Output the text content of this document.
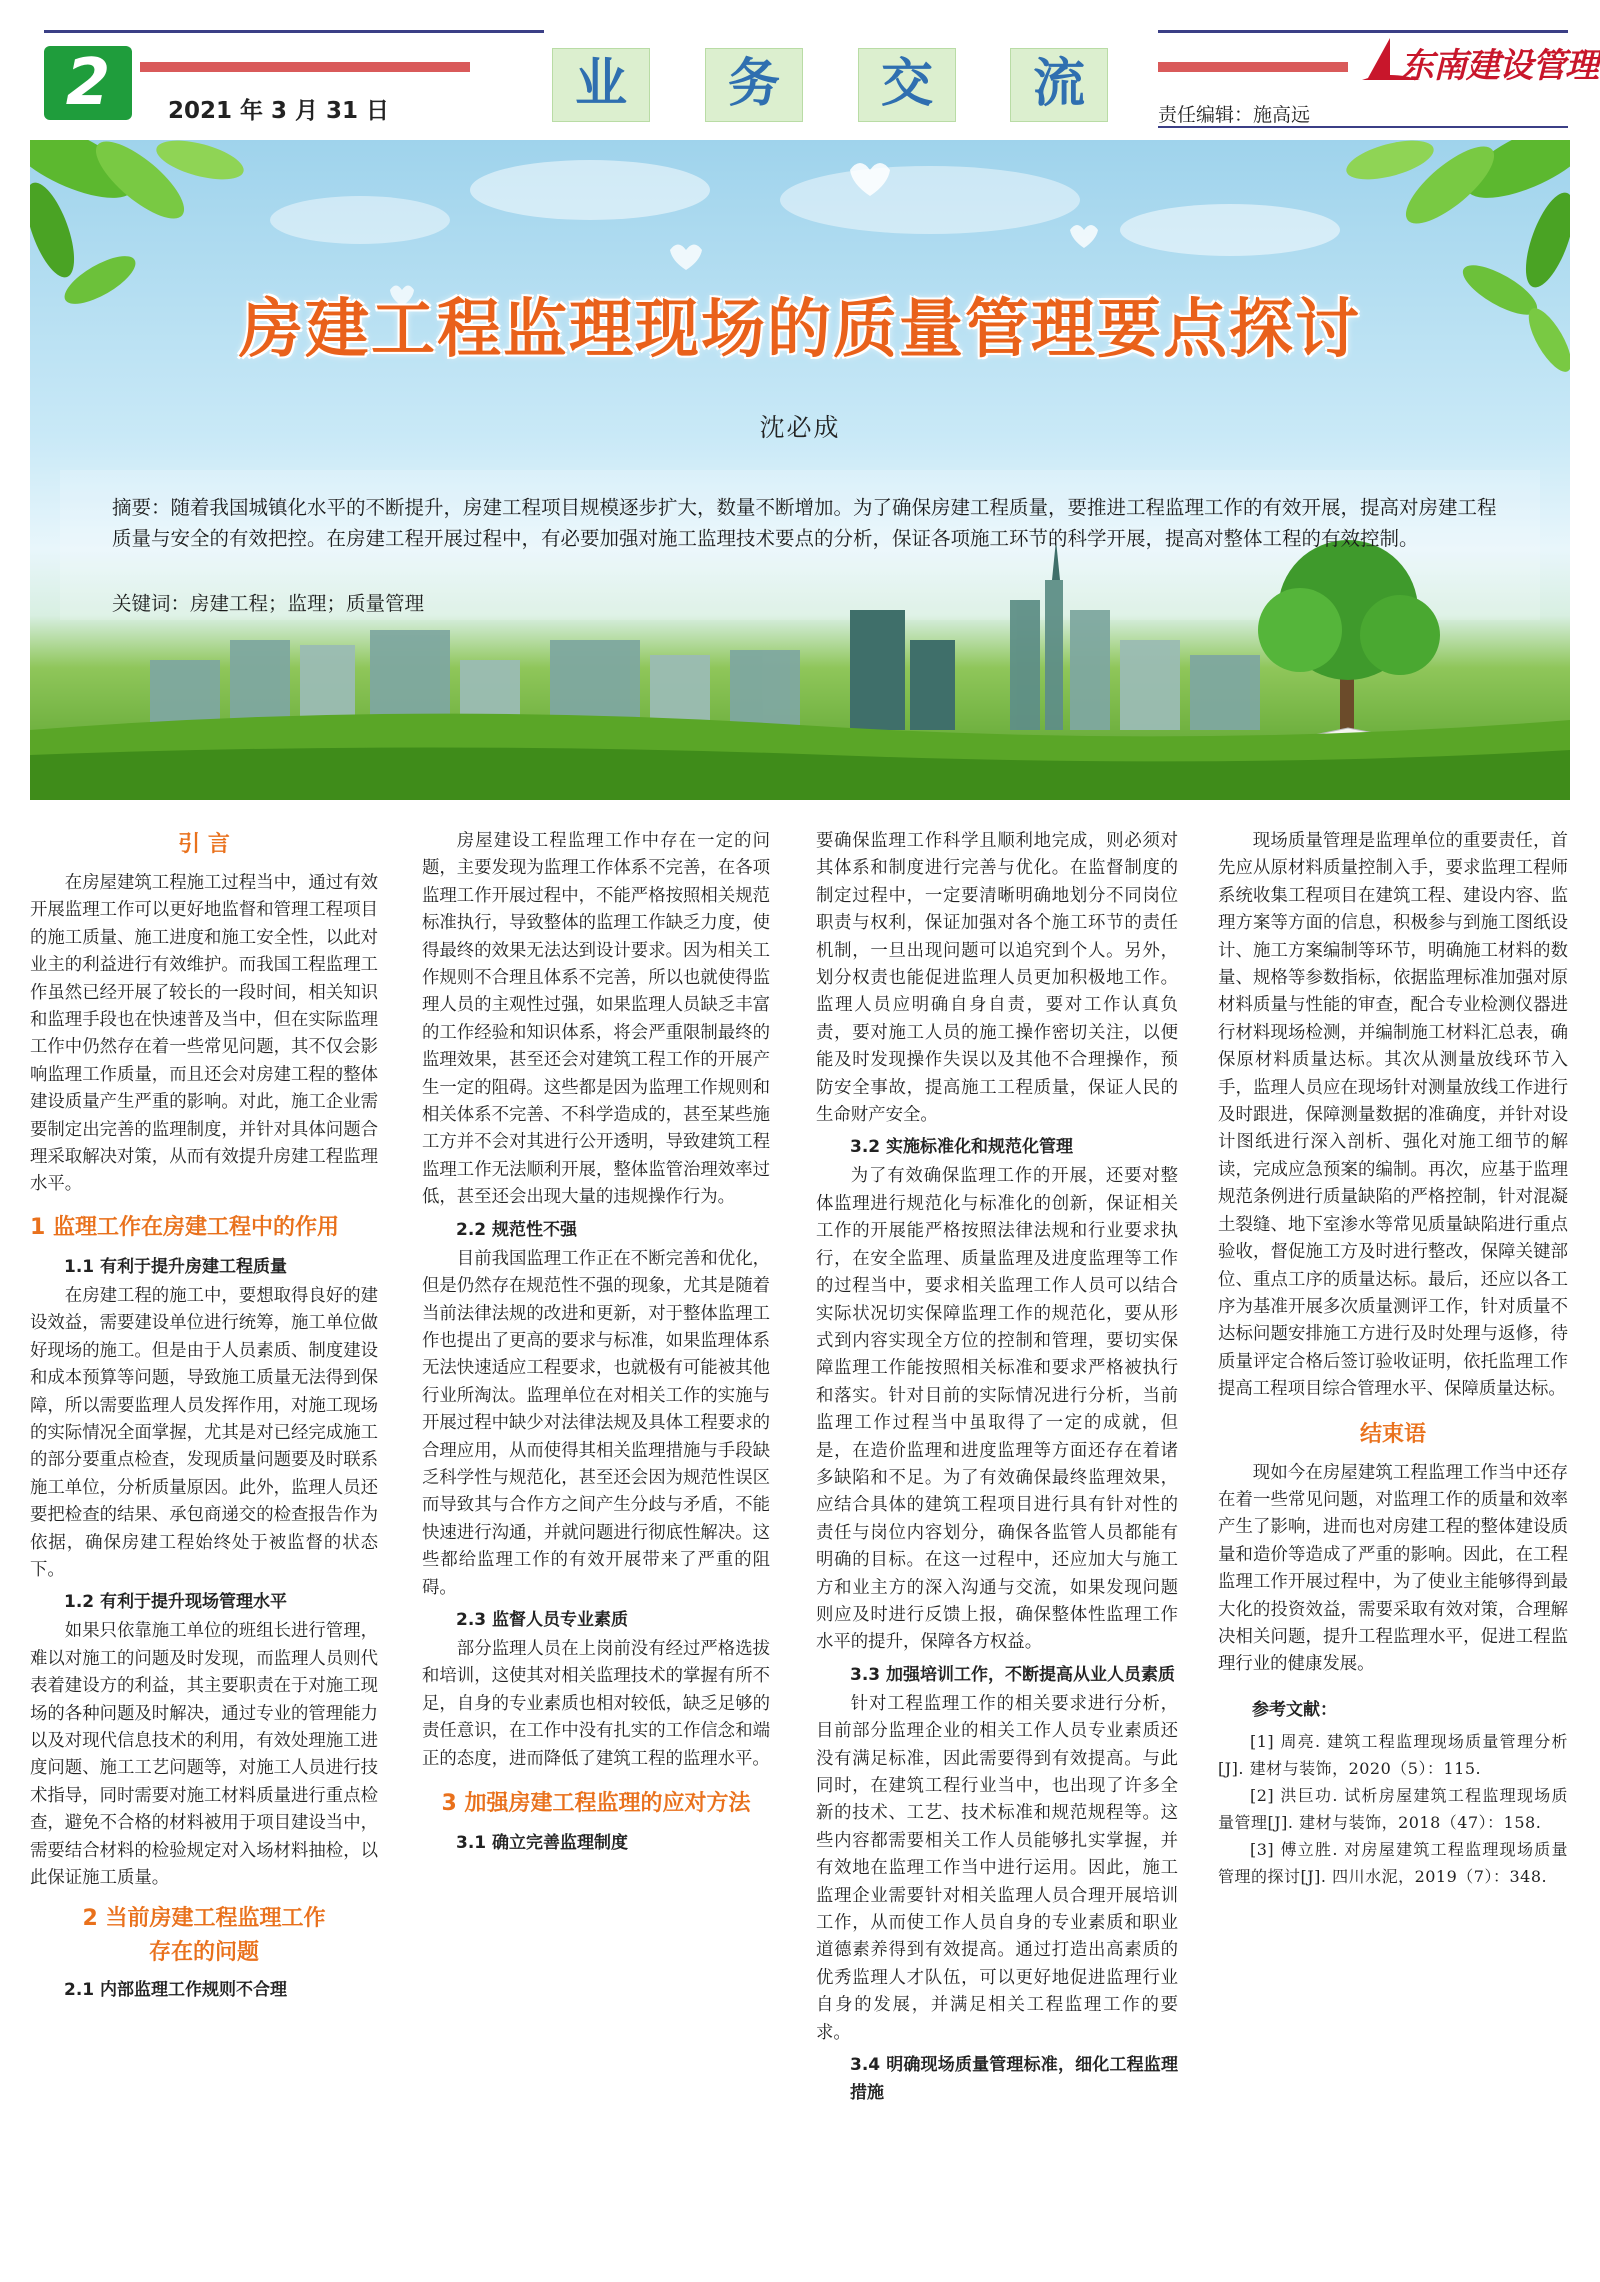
2	2021 年 3 月 31 日	业	务	交	流	东南建设管理
责任编辑：施高远
房建工程监理现场的质量管理要点探讨
沈必成
摘要：随着我国城镇化水平的不断提升，房建工程项目规模逐步扩大，数量不断增加。为了确保房建工程质量，要推进工程监理工作的有效开展，提高对房建工程质量与安全的有效把控。在房建工程开展过程中，有必要加强对施工监理技术要点的分析，保证各项施工环节的科学开展，提高对整体工程的有效控制。
关键词：房建工程；监理；质量管理
引 言

在房屋建筑工程施工过程当中，通过有效开展监理工作可以更好地监督和管理工程项目的施工质量、施工进度和施工安全性，以此对业主的利益进行有效维护。而我国工程监理工作虽然已经开展了较长的一段时间，相关知识和监理手段也在快速普及当中，但在实际监理工作中仍然存在着一些常见问题，其不仅会影响监理工作质量，而且还会对房建工程的整体建设质量产生严重的影响。对此，施工企业需要制定出完善的监理制度，并针对具体问题合理采取解决对策，从而有效提升房建工程监理水平。

1 监理工作在房建工程中的作用
1.1 有利于提升房建工程质量

在房建工程的施工中，要想取得良好的建设效益，需要建设单位进行统筹，施工单位做好现场的施工。但是由于人员素质、制度建设和成本预算等问题，导致施工质量无法得到保障，所以需要监理人员发挥作用，对施工现场的实际情况全面掌握，尤其是对已经完成施工的部分要重点检查，发现质量问题要及时联系施工单位，分析质量原因。此外，监理人员还要把检查的结果、承包商递交的检查报告作为依据，确保房建工程始终处于被监督的状态下。

1.2 有利于提升现场管理水平

如果只依靠施工单位的班组长进行管理，难以对施工的问题及时发现，而监理人员则代表着建设方的利益，其主要职责在于对施工现场的各种问题及时解决，通过专业的管理能力以及对现代信息技术的利用，有效处理施工进度问题、施工工艺问题等，对施工人员进行技术指导，同时需要对施工材料质量进行重点检查，避免不合格的材料被用于项目建设当中，需要结合材料的检验规定对入场材料抽检，以此保证施工质量。

2 当前房建工程监理工作
存在的问题
2.1 内部监理工作规则不合理

房屋建设工程监理工作中存在一定的问题，主要发现为监理工作体系不完善，在各项监理工作开展过程中，不能严格按照相关规范标准执行，导致整体的监理工作缺乏力度，使得最终的效果无法达到设计要求。因为相关工作规则不合理且体系不完善，所以也就使得监理人员的主观性过强，如果监理人员缺乏丰富的工作经验和知识体系，将会严重限制最终的监理效果，甚至还会对建筑工程工作的开展产生一定的阻碍。这些都是因为监理工作规则和相关体系不完善、不科学造成的，甚至某些施工方并不会对其进行公开透明，导致建筑工程监理工作无法顺利开展，整体监管治理效率过低，甚至还会出现大量的违规操作行为。

2.2 规范性不强

目前我国监理工作正在不断完善和优化，但是仍然存在规范性不强的现象，尤其是随着当前法律法规的改进和更新，对于整体监理工作也提出了更高的要求与标准，如果监理体系无法快速适应工程要求，也就极有可能被其他行业所淘汰。监理单位在对相关工作的实施与开展过程中缺少对法律法规及具体工程要求的合理应用，从而使得其相关监理措施与手段缺乏科学性与规范化，甚至还会因为规范性误区而导致其与合作方之间产生分歧与矛盾，不能快速进行沟通，并就问题进行彻底性解决。这些都给监理工作的有效开展带来了严重的阻碍。

2.3 监督人员专业素质

部分监理人员在上岗前没有经过严格选拔和培训，这使其对相关监理技术的掌握有所不足，自身的专业素质也相对较低，缺乏足够的责任意识，在工作中没有扎实的工作信念和端正的态度，进而降低了建筑工程的监理水平。

3 加强房建工程监理的应对方法
3.1 确立完善监理制度

要确保监理工作科学且顺利地完成，则必须对其体系和制度进行完善与优化。在监督制度的制定过程中，一定要清晰明确地划分不同岗位职责与权利，保证加强对各个施工环节的责任机制，一旦出现问题可以追究到个人。另外，划分权责也能促进监理人员更加积极地工作。监理人员应明确自身自责，要对工作认真负责，要对施工人员的施工操作密切关注，以便能及时发现操作失误以及其他不合理操作，预防安全事故，提高施工工程质量，保证人民的生命财产安全。

3.2 实施标准化和规范化管理

为了有效确保监理工作的开展，还要对整体监理进行规范化与标准化的创新，保证相关工作的开展能严格按照法律法规和行业要求执行，在安全监理、质量监理及进度监理等工作的过程当中，要求相关监理工作人员可以结合实际状况切实保障监理工作的规范化，要从形式到内容实现全方位的控制和管理，要切实保障监理工作能按照相关标准和要求严格被执行和落实。针对目前的实际情况进行分析，当前监理工作过程当中虽取得了一定的成就，但是，在造价监理和进度监理等方面还存在着诸多缺陷和不足。为了有效确保最终监理效果，应结合具体的建筑工程项目进行具有针对性的责任与岗位内容划分，确保各监管人员都能有明确的目标。在这一过程中，还应加大与施工方和业主方的深入沟通与交流，如果发现问题则应及时进行反馈上报，确保整体性监理工作水平的提升，保障各方权益。

3.3 加强培训工作，不断提高从业人员素质

针对工程监理工作的相关要求进行分析，目前部分监理企业的相关工作人员专业素质还没有满足标准，因此需要得到有效提高。与此同时，在建筑工程行业当中，也出现了许多全新的技术、工艺、技术标准和规范规程等。这些内容都需要相关工作人员能够扎实掌握，并有效地在监理工作当中进行运用。因此，施工监理企业需要针对相关监理人员合理开展培训工作，从而使工作人员自身的专业素质和职业道德素养得到有效提高。通过打造出高素质的优秀监理人才队伍，可以更好地促进监理行业自身的发展，并满足相关工程监理工作的要求。

3.4 明确现场质量管理标准，细化工程监理措施

现场质量管理是监理单位的重要责任，首先应从原材料质量控制入手，要求监理工程师系统收集工程项目在建筑工程、建设内容、监理方案等方面的信息，积极参与到施工图纸设计、施工方案编制等环节，明确施工材料的数量、规格等参数指标，依据监理标准加强对原材料质量与性能的审查，配合专业检测仪器进行材料现场检测，并编制施工材料汇总表，确保原材料质量达标。其次从测量放线环节入手，监理人员应在现场针对测量放线工作进行及时跟进，保障测量数据的准确度，并针对设计图纸进行深入剖析、强化对施工细节的解读，完成应急预案的编制。再次，应基于监理规范条例进行质量缺陷的严格控制，针对混凝土裂缝、地下室渗水等常见质量缺陷进行重点验收，督促施工方及时进行整改，保障关键部位、重点工序的质量达标。最后，还应以各工序为基准开展多次质量测评工作，针对质量不达标问题安排施工方进行及时处理与返修，待质量评定合格后签订验收证明，依托监理工作提高工程项目综合管理水平、保障质量达标。

结束语

现如今在房屋建筑工程监理工作当中还存在着一些常见问题，对监理工作的质量和效率产生了影响，进而也对房建工程的整体建设质量和造价等造成了严重的影响。因此，在工程监理工作开展过程中，为了使业主能够得到最大化的投资效益，需要采取有效对策，合理解决相关问题，提升工程监理水平，促进工程监理行业的健康发展。

参考文献：

[1] 周亮. 建筑工程监理现场质量管理分析[J]. 建材与装饰，2020（5）：115.

[2] 洪巨功. 试析房屋建筑工程监理现场质量管理[J]. 建材与装饰，2018（47）：158.

[3] 傅立胜. 对房屋建筑工程监理现场质量管理的探讨[J]. 四川水泥，2019（7）：348.
